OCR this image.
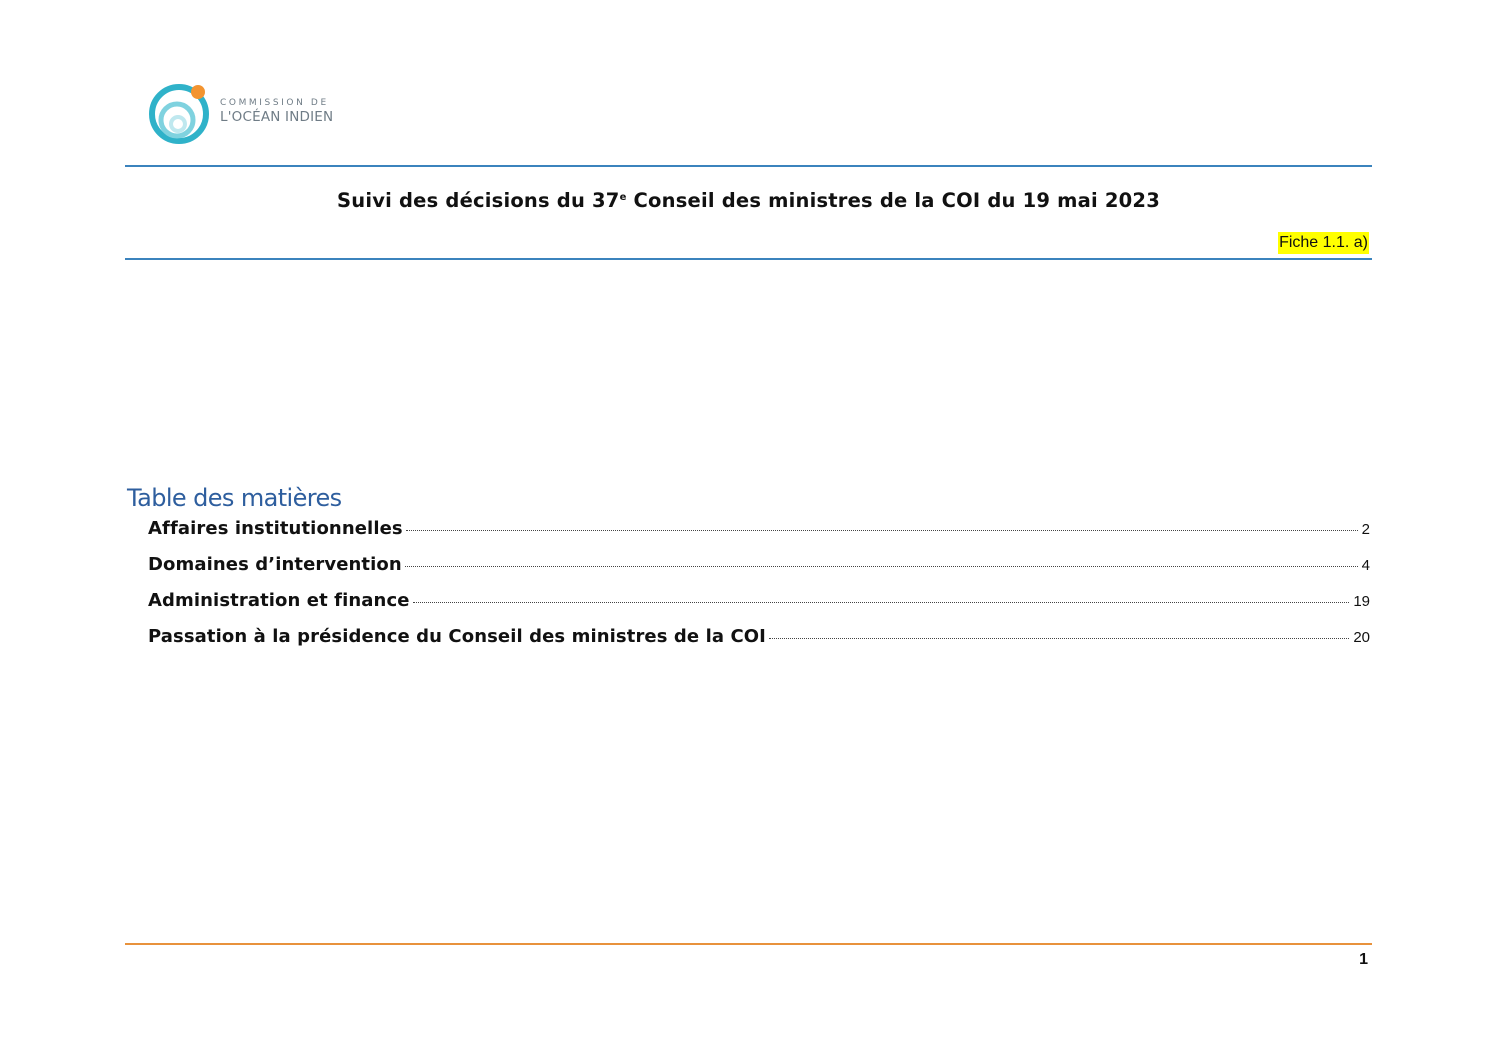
COMMISSION DE
L'OCÉAN INDIEN
Suivi des décisions du 37e Conseil des ministres de la COI du 19 mai 2023
Fiche 1.1. a)
Table des matières
Affaires institutionnelles	2
Domaines d’intervention	4
Administration et finance	19
Passation à la présidence du Conseil des ministres de la COI	20
1
